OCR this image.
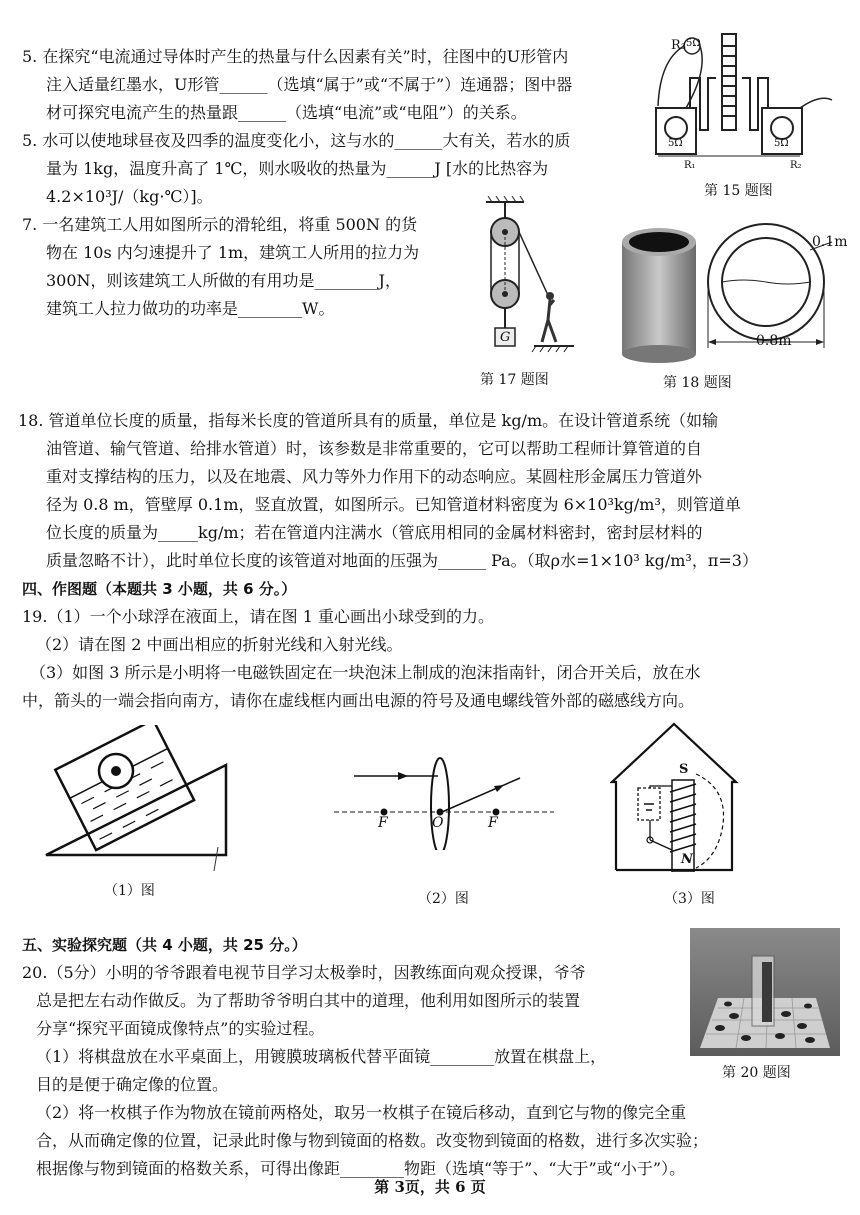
5. 在探究“电流通过导体时产生的热量与什么因素有关”时，往图中的U形管内
注入适量红墨水，U形管______（选填“属于”或“不属于”）连通器；图中器
材可探究电流产生的热量跟______（选填“电流”或“电阻”）的关系。
R₃ 5Ω
5Ω	5Ω
R₁	R₂
第 15 题图
5. 水可以使地球昼夜及四季的温度变化小，这与水的______大有关，若水的质
量为 1kg，温度升高了 1℃，则水吸收的热量为______J [水的比热容为
4.2×10³J/（kg·℃）]。
7. 一名建筑工人用如图所示的滑轮组，将重 500N 的货
物在 10s 内匀速提升了 1m，建筑工人所用的拉力为
300N，则该建筑工人所做的有用功是________J，
建筑工人拉力做功的功率是________W。
G
第 17 题图
0.8m
0.1m
第 18 题图
18. 管道单位长度的质量，指每米长度的管道所具有的质量，单位是 kg/m。在设计管道系统（如输
油管道、输气管道、给排水管道）时，该参数是非常重要的，它可以帮助工程师计算管道的自
重对支撑结构的压力，以及在地震、风力等外力作用下的动态响应。某圆柱形金属压力管道外
径为 0.8 m，管壁厚 0.1m，竖直放置，如图所示。已知管道材料密度为 6×10³kg/m³，则管道单
位长度的质量为_____kg/m；若在管道内注满水（管底用相同的金属材料密封，密封层材料的
质量忽略不计），此时单位长度的该管道对地面的压强为______ Pa。（取ρ水=1×10³ kg/m³，π=3）
四、作图题（本题共 3 小题，共 6 分。）
19.（1）一个小球浮在液面上，请在图 1 重心画出小球受到的力。
（2）请在图 2 中画出相应的折射光线和入射光线。
（3）如图 3 所示是小明将一电磁铁固定在一块泡沫上制成的泡沫指南针，闭合开关后，放在水
中，箭头的一端会指向南方，请你在虚线框内画出电源的符号及通电螺线管外部的磁感线方向。
（1）图
F	O	F
（2）图
S
N
（3）图
五、实验探究题（共 4 小题，共 25 分。）
20.（5分）小明的爷爷跟着电视节目学习太极拳时，因教练面向观众授课，爷爷
总是把左右动作做反。为了帮助爷爷明白其中的道理，他利用如图所示的装置
分享“探究平面镜成像特点”的实验过程。
（1）将棋盘放在水平桌面上，用镀膜玻璃板代替平面镜________放置在棋盘上，
目的是便于确定像的位置。
（2）将一枚棋子作为物放在镜前两格处，取另一枚棋子在镜后移动，直到它与物的像完全重
合，从而确定像的位置，记录此时像与物到镜面的格数。改变物到镜面的格数，进行多次实验；
根据像与物到镜面的格数关系，可得出像距________物距（选填“等于”、“大于”或“小于”）。
第 20 题图
第 3页，共 6 页
